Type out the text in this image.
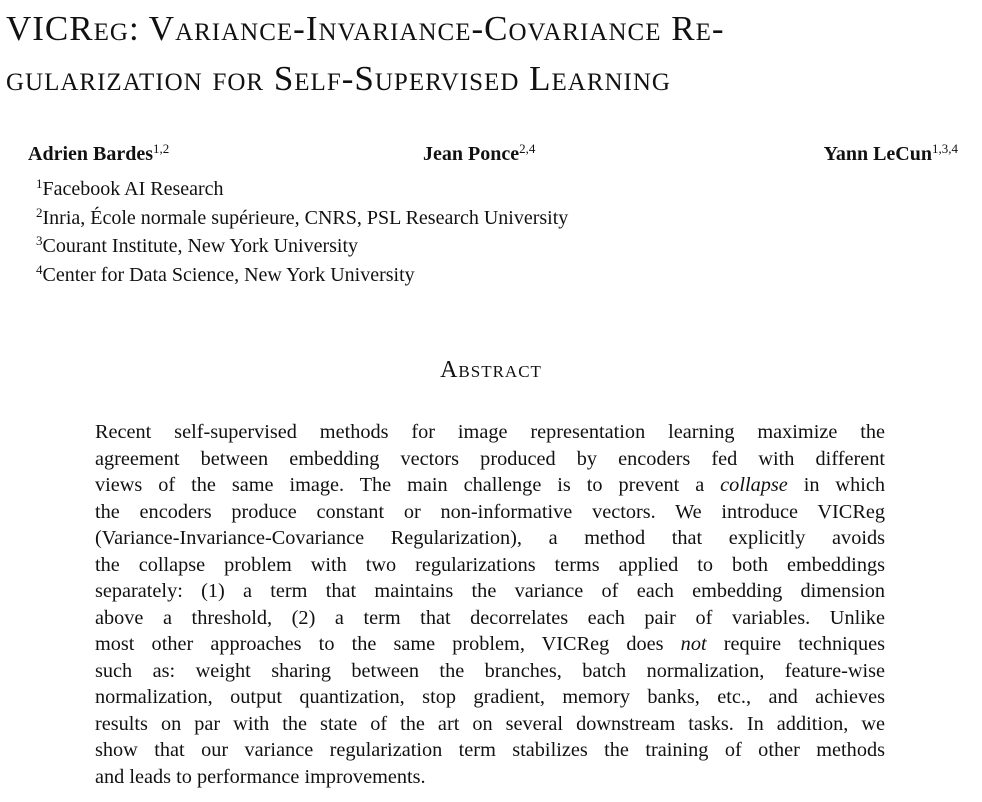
VICReg: Variance-Invariance-Covariance Re-
gularization for Self-Supervised Learning
Adrien Bardes$^{1,2}$	Jean Ponce$^{2,4}$	Yann LeCun$^{1,3,4}$
$^1$Facebook AI Research
$^2$Inria, École normale supérieure, CNRS, PSL Research University
$^3$Courant Institute, New York University
$^4$Center for Data Science, New York University
Abstract
Recent self-supervised methods for image representation learning maximize the
agreement between embedding vectors produced by encoders fed with different
views of the same image. The main challenge is to prevent a collapse in which
the encoders produce constant or non-informative vectors. We introduce VICReg
(Variance-Invariance-Covariance Regularization), a method that explicitly avoids
the collapse problem with two regularizations terms applied to both embeddings
separately: (1) a term that maintains the variance of each embedding dimension
above a threshold, (2) a term that decorrelates each pair of variables. Unlike
most other approaches to the same problem, VICReg does not require techniques
such as: weight sharing between the branches, batch normalization, feature-wise
normalization, output quantization, stop gradient, memory banks, etc., and achieves
results on par with the state of the art on several downstream tasks. In addition, we
show that our variance regularization term stabilizes the training of other methods
and leads to performance improvements.
